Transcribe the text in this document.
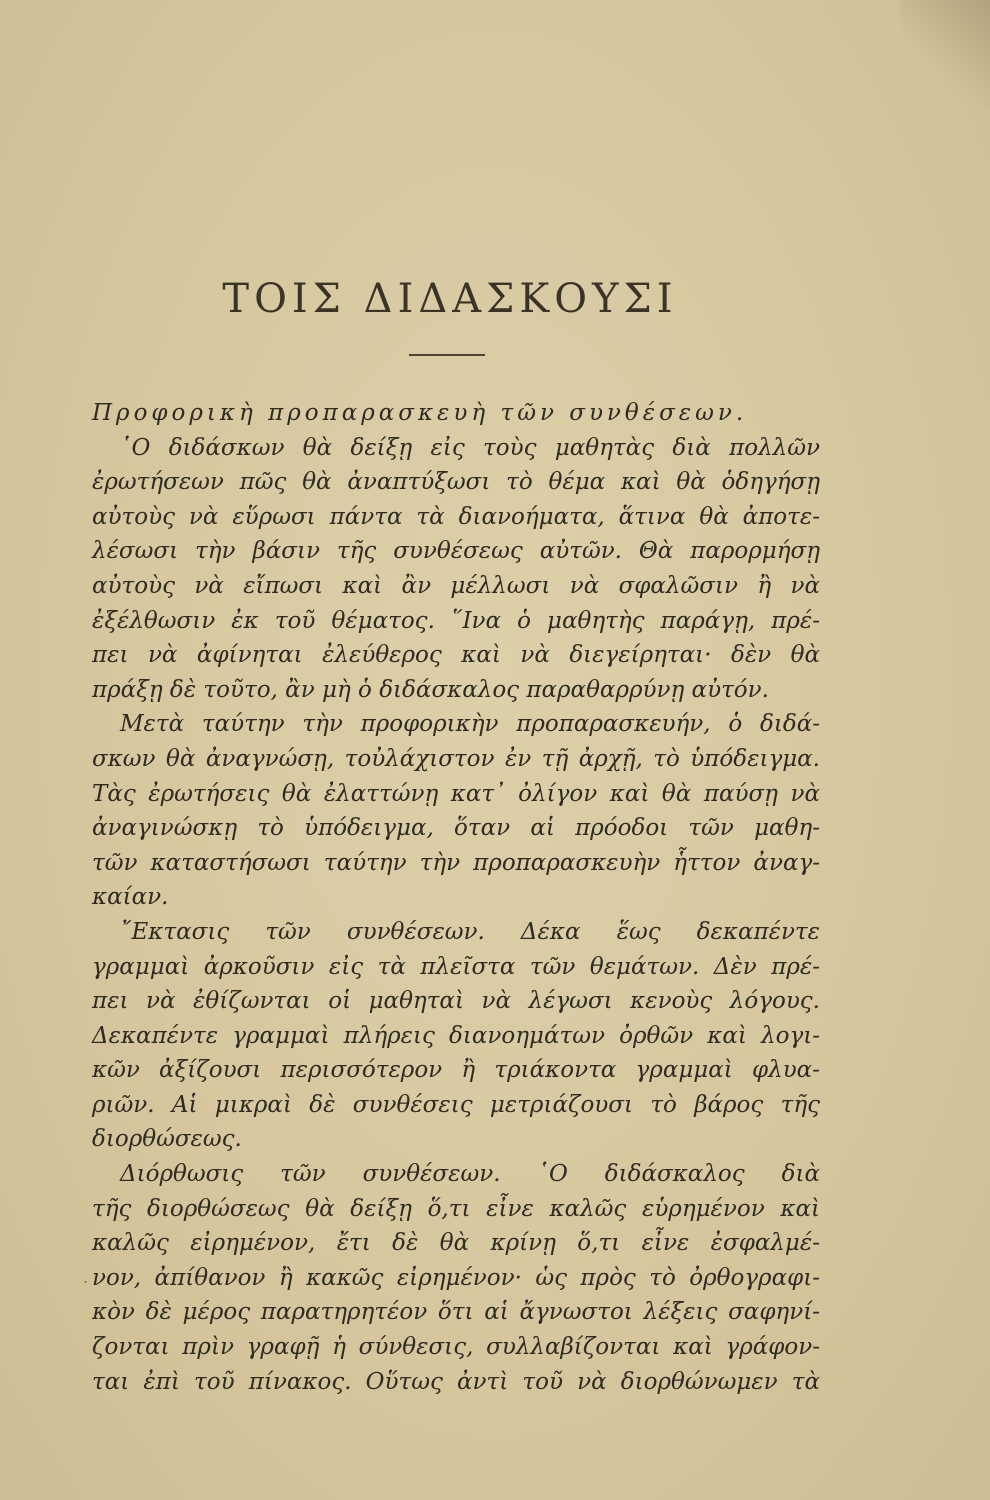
ΤΟΙΣ ΔΙΔΑΣΚΟΥΣΙ
Προφορικὴ προπαρασκευὴ τῶν συνθέσεων.
῾Ο διδάσκων θὰ δείξῃ εἰς τοὺς μαθητὰς διὰ πολλῶν
ἐρωτήσεων πῶς θὰ ἀναπτύξωσι τὸ θέμα καὶ θὰ ὁδηγήσῃ
αὐτοὺς νὰ εὕρωσι πάντα τὰ διανοήματα, ἅτινα θὰ ἀποτε-
λέσωσι τὴν βάσιν τῆς συνθέσεως αὐτῶν. Θὰ παρορμήσῃ
αὐτοὺς νὰ εἴπωσι καὶ ἂν μέλλωσι νὰ σφαλῶσιν ἢ νὰ
ἐξέλθωσιν ἐκ τοῦ θέματος. ῞Ινα ὁ μαθητὴς παράγῃ, πρέ-
πει νὰ ἀφίνηται ἐλεύθερος καὶ νὰ διεγείρηται· δὲν θὰ
πράξῃ δὲ τοῦτο, ἂν μὴ ὁ διδάσκαλος παραθαρρύνῃ αὐτόν.
Μετὰ ταύτην τὴν προφορικὴν προπαρασκευήν, ὁ διδά-
σκων θὰ ἀναγνώσῃ, τοὐλάχιστον ἐν τῇ ἀρχῇ, τὸ ὑπόδειγμα.
Τὰς ἐρωτήσεις θὰ ἐλαττώνῃ κατ᾽ ὀλίγον καὶ θὰ παύσῃ νὰ
ἀναγινώσκῃ τὸ ὑπόδειγμα, ὅταν αἱ πρόοδοι τῶν μαθη-
τῶν καταστήσωσι ταύτην τὴν προπαρασκευὴν ἧττον ἀναγ-
καίαν.
῎Εκτασις τῶν συνθέσεων. Δέκα ἕως δεκαπέντε
γραμμαὶ ἀρκοῦσιν εἰς τὰ πλεῖστα τῶν θεμάτων. Δὲν πρέ-
πει νὰ ἐθίζωνται οἱ μαθηταὶ νὰ λέγωσι κενοὺς λόγους.
Δεκαπέντε γραμμαὶ πλήρεις διανοημάτων ὀρθῶν καὶ λογι-
κῶν ἀξίζουσι περισσότερον ἢ τριάκοντα γραμμαὶ φλυα-
ριῶν. Αἱ μικραὶ δὲ συνθέσεις μετριάζουσι τὸ βάρος τῆς
διορθώσεως.
Διόρθωσις τῶν συνθέσεων. ῾Ο διδάσκαλος διὰ
τῆς διορθώσεως θὰ δείξῃ ὅ,τι εἶνε καλῶς εὑρημένον καὶ
καλῶς εἰρημένον, ἔτι δὲ θὰ κρίνῃ ὅ,τι εἶνε ἐσφαλμέ-
νον, ἀπίθανον ἢ κακῶς εἰρημένον· ὡς πρὸς τὸ ὀρθογραφι-
κὸν δὲ μέρος παρατηρητέον ὅτι αἱ ἄγνωστοι λέξεις σαφηνί-
ζονται πρὶν γραφῇ ἡ σύνθεσις, συλλαβίζονται καὶ γράφον-
ται ἐπὶ τοῦ πίνακος. Οὕτως ἀντὶ τοῦ νὰ διορθώνωμεν τὰ
˙
